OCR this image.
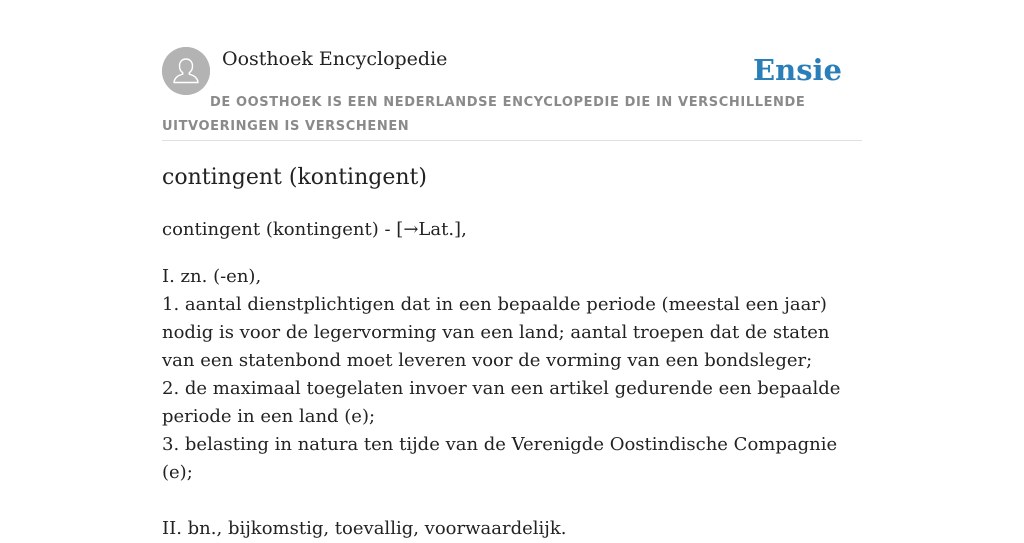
Oosthoek Encyclopedie	Ensie
DE OOSTHOEK IS EEN NEDERLANDSE ENCYCLOPEDIE DIE IN VERSCHILLENDE UITVOERINGEN IS VERSCHENEN
contingent (kontingent)

contingent (kontingent) - [→Lat.],

I. zn. (-en),
1. aantal dienstplichtigen dat in een bepaalde periode (meestal een jaar) nodig is voor de legervorming van een land; aantal troepen dat de staten van een statenbond moet leveren voor de vorming van een bondsleger;
2. de maximaal toegelaten invoer van een artikel gedurende een bepaalde periode in een land (e);
3. belasting in natura ten tijde van de Verenigde Oostindische Compagnie (e);
II. bn., bijkomstig, toevallig, voorwaardelijk.
